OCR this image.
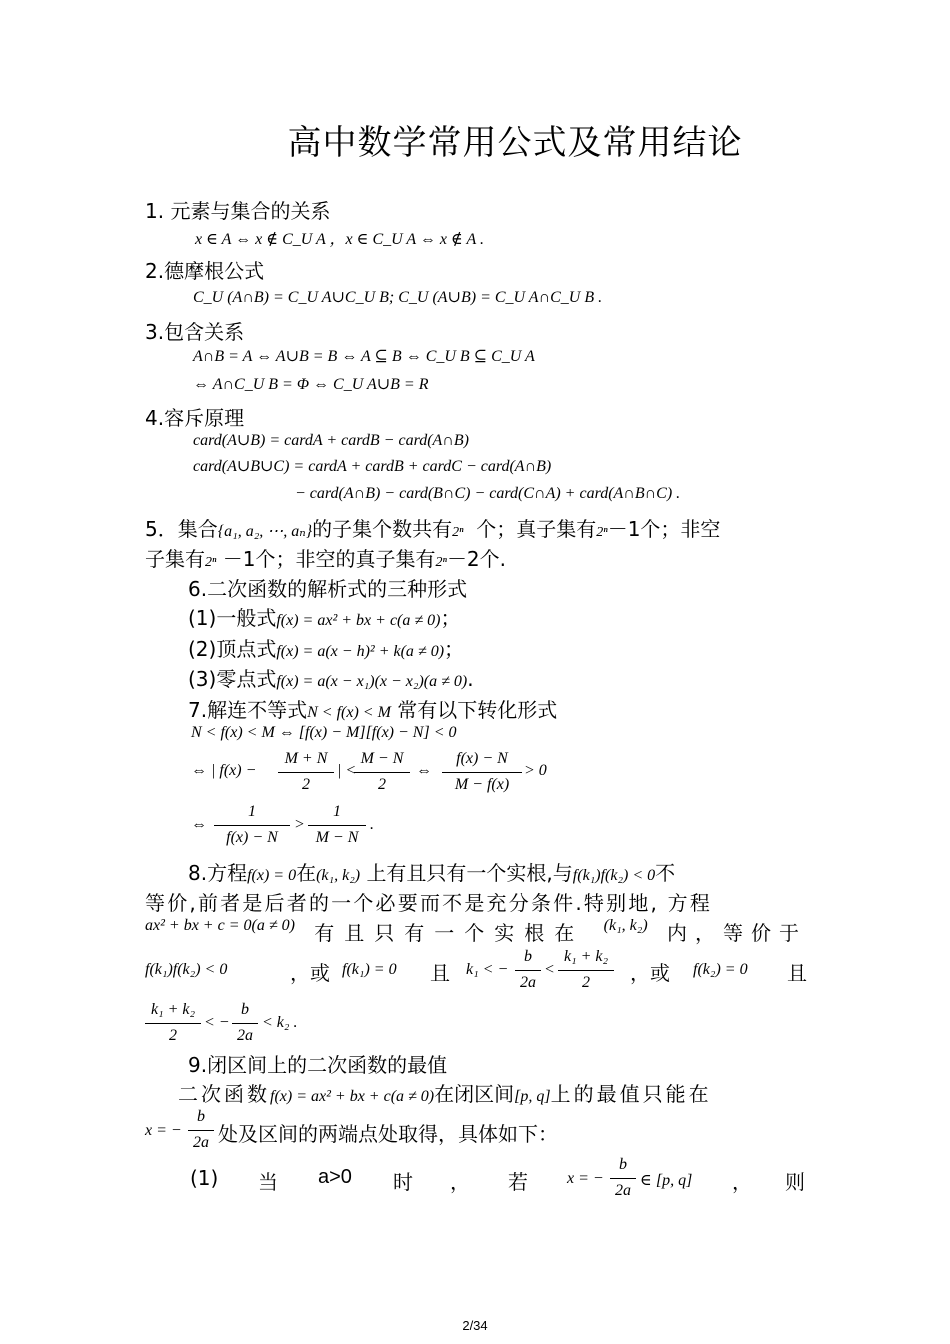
高中数学常用公式及常用结论
1. 元素与集合的关系
x ∈ A ⇔ x ∉ C_U A ，x ∈ C_U A ⇔ x ∉ A .
2.德摩根公式
C_U (A∩B) = C_U A∪C_U B; C_U (A∪B) = C_U A∩C_U B .
3.包含关系
A∩B = A ⇔ A∪B = B ⇔ A ⊆ B ⇔ C_U B ⊆ C_U A
⇔ A∩C_U B = Φ ⇔ C_U A∪B = R
4.容斥原理
card(A∪B) = cardA + cardB − card(A∩B)
card(A∪B∪C) = cardA + cardB + cardC − card(A∩B)
− card(A∩B) − card(B∩C) − card(C∩A) + card(A∩B∩C) .
5．集合{a₁, a₂, ⋯, aₙ}的子集个数共有2ⁿ 个；真子集有2ⁿ－1个；非空
子集有2ⁿ －1个；非空的真子集有2ⁿ－2个.
6.二次函数的解析式的三种形式
(1)一般式f(x) = ax² + bx + c(a ≠ 0)；
(2)顶点式f(x) = a(x − h)² + k(a ≠ 0)；
(3)零点式f(x) = a(x − x₁)(x − x₂)(a ≠ 0).
7.解连不等式N < f(x) < M 常有以下转化形式
N < f(x) < M ⇔ [f(x) − M][f(x) − N] < 0
⇔ | f(x) −
M + N
2
| <
M − N
2
⇔
f(x) − N
M − f(x)
> 0
⇔
1
f(x) − N
>
1
M − N
.
8.方程f(x) = 0在(k₁, k₂) 上有且只有一个实根,与f(k₁)f(k₂) < 0不
等价,前者是后者的一个必要而不是充分条件.特别地, 方程
ax² + bx + c = 0(a ≠ 0) 有且只有一个实根在 (k₁, k₂) 内，等价于
f(k₁)f(k₂) < 0	，或 f(k₁) = 0 且 k₁ < −
b
2a
<
k₁ + k₂
2	，或 f(k₂) = 0 且
k₁ + k₂
2
< −
b
2a
< k₂ .
9.闭区间上的二次函数的最值
二次函数f(x) = ax² + bx + c(a ≠ 0)在闭区间[p, q]上的最值只能在
x = −
b
2a 处及区间的两端点处取得，具体如下：
(1) 当 a>0 时 ， 若 x = −
b
2a
∈ [p, q] ， 则
2/34
